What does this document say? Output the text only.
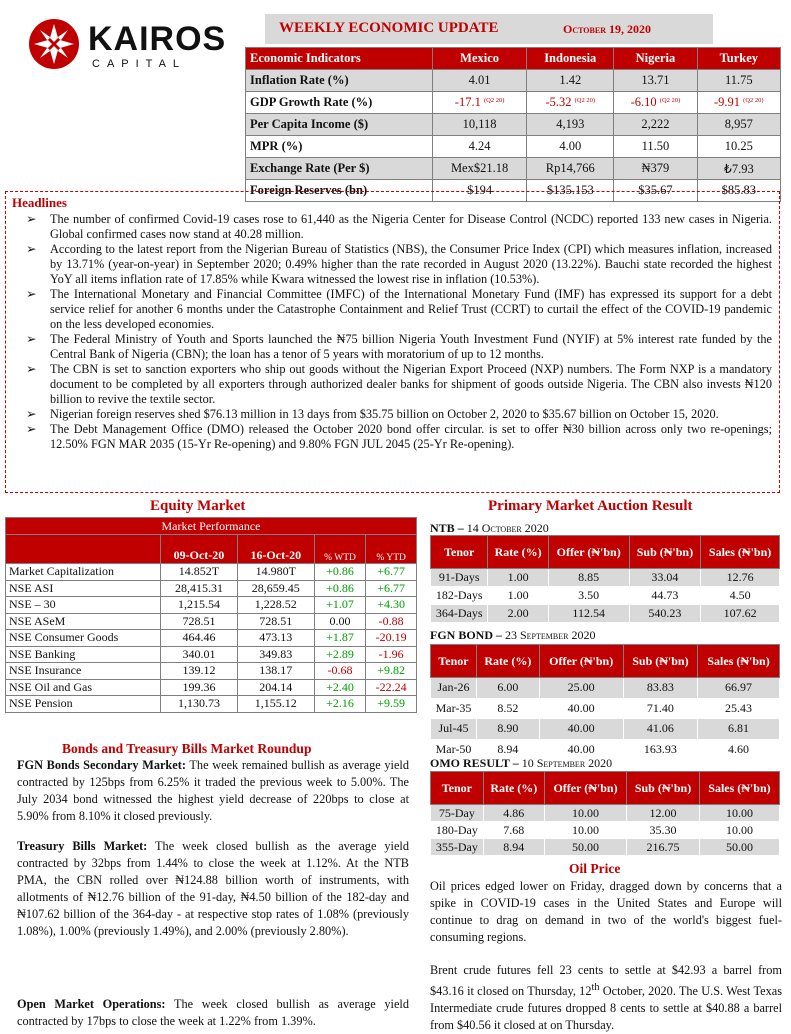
KAIROS
CAPITAL
WEEKLY ECONOMIC UPDATE	October 19, 2020
Economic Indicators	Mexico	Indonesia	Nigeria	Turkey
Inflation Rate (%)	4.01	1.42	13.71	11.75
GDP Growth Rate (%)	-17.1 $^{(Q2 20)}$	-5.32 $^{(Q2 20)}$	-6.10 $^{(Q2 20)}$	-9.91 $^{(Q2 20)}$
Per Capita Income ($)	10,118	4,193	2,222	8,957
MPR (%)	4.24	4.00	11.50	10.25
Exchange Rate (Per $)	Mex$21.18	Rp14,766	₦379	₺7.93
Foreign Reserves (bn)	$194	$135.153	$35.67	$85.83
Headlines
➢ The number of confirmed Covid-19 cases rose to 61,440 as the Nigeria Center for Disease Control (NCDC) reported 133 new cases in Nigeria. Global confirmed cases now stand at 40.28 million.
➢ According to the latest report from the Nigerian Bureau of Statistics (NBS), the Consumer Price Index (CPI) which measures inflation, increased by 13.71% (year-on-year) in September 2020; 0.49% higher than the rate recorded in August 2020 (13.22%). Bauchi state recorded the highest YoY all items inflation rate of 17.85% while Kwara witnessed the lowest rise in inflation (10.53%).
➢ The International Monetary and Financial Committee (IMFC) of the International Monetary Fund (IMF) has expressed its support for a debt service relief for another 6 months under the Catastrophe Containment and Relief Trust (CCRT) to curtail the effect of the COVID-19 pandemic on the less developed economies.
➢ The Federal Ministry of Youth and Sports launched the ₦75 billion Nigeria Youth Investment Fund (NYIF) at 5% interest rate funded by the Central Bank of Nigeria (CBN); the loan has a tenor of 5 years with moratorium of up to 12 months.
➢ The CBN is set to sanction exporters who ship out goods without the Nigerian Export Proceed (NXP) numbers. The Form NXP is a mandatory document to be completed by all exporters through authorized dealer banks for shipment of goods outside Nigeria. The CBN also invests ₦120 billion to revive the textile sector.
➢ Nigerian foreign reserves shed $76.13 million in 13 days from $35.75 billion on October 2, 2020 to $35.67 billion on October 15, 2020.
➢ The Debt Management Office (DMO) released the October 2020 bond offer circular. is set to offer ₦30 billion across only two re-openings; 12.50% FGN MAR 2035 (15-Yr Re-opening) and 9.80% FGN JUL 2045 (25-Yr Re-opening).
Equity Market
Market Performance				
	09-Oct-20	16-Oct-20	% WTD	% YTD
Market Capitalization	14.852T	14.980T	+0.86	+6.77
NSE ASI	28,415.31	28,659.45	+0.86	+6.77
NSE – 30	1,215.54	1,228.52	+1.07	+4.30
NSE ASeM	728.51	728.51	0.00	-0.88
NSE Consumer Goods	464.46	473.13	+1.87	-20.19
NSE Banking	340.01	349.83	+2.89	-1.96
NSE Insurance	139.12	138.17	-0.68	+9.82
NSE Oil and Gas	199.36	204.14	+2.40	-22.24
NSE Pension	1,130.73	1,155.12	+2.16	+9.59
Bonds and Treasury Bills Market Roundup

FGN Bonds Secondary Market: The week remained bullish as average yield contracted by 125bps from 6.25% it traded the previous week to 5.00%. The July 2034 bond witnessed the highest yield decrease of 220bps to close at 5.90% from 8.10% it closed previously.

Treasury Bills Market: The week closed bullish as the average yield contracted by 32bps from 1.44% to close the week at 1.12%. At the NTB PMA, the CBN rolled over ₦124.88 billion worth of instruments, with allotments of ₦12.76 billion of the 91-day, ₦4.50 billion of the 182-day and ₦107.62 billion of the 364-day - at respective stop rates of 1.08% (previously 1.08%), 1.00% (previously 1.49%), and 2.00% (previously 2.80%).

Open Market Operations: The week closed bullish as average yield contracted by 17bps to close the week at 1.22% from 1.39%.

Primary Market Auction Result
NTB – 14 October 2020
Tenor	Rate (%)	Offer (₦'bn)	Sub (₦'bn)	Sales (₦'bn)
91-Days	1.00	8.85	33.04	12.76
182-Days	1.00	3.50	44.73	4.50
364-Days	2.00	112.54	540.23	107.62
FGN BOND – 23 September 2020
Tenor	Rate (%)	Offer (₦'bn)	Sub (₦'bn)	Sales (₦'bn)
Jan-26	6.00	25.00	83.83	66.97
Mar-35	8.52	40.00	71.40	25.43
Jul-45	8.90	40.00	41.06	6.81
Mar-50	8.94	40.00	163.93	4.60
OMO RESULT – 10 September 2020
Tenor	Rate (%)	Offer (₦'bn)	Sub (₦'bn)	Sales (₦'bn)
75-Day	4.86	10.00	12.00	10.00
180-Day	7.68	10.00	35.30	10.00
355-Day	8.94	50.00	216.75	50.00
Oil Price

Oil prices edged lower on Friday, dragged down by concerns that a spike in COVID-19 cases in the United States and Europe will continue to drag on demand in two of the world's biggest fuel-consuming regions.

Brent crude futures fell 23 cents to settle at $42.93 a barrel from $43.16 it closed on Thursday, 12th October, 2020. The U.S. West Texas Intermediate crude futures dropped 8 cents to settle at $40.88 a barrel from $40.56 it closed at on Thursday.
